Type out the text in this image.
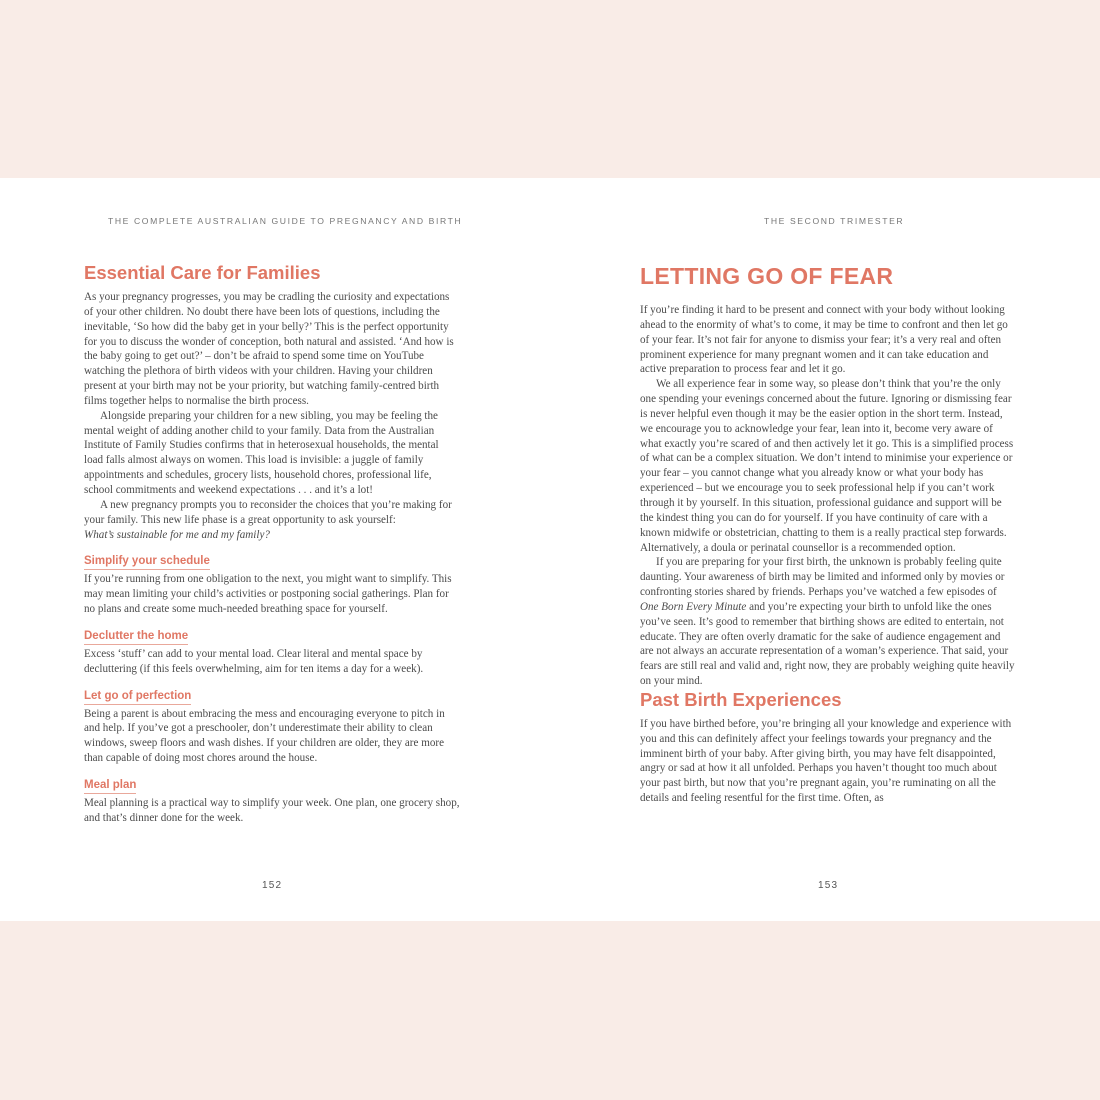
THE COMPLETE AUSTRALIAN GUIDE TO PREGNANCY AND BIRTH
Essential Care for Families

As your pregnancy progresses, you may be cradling the curiosity and expectations of your other children. No doubt there have been lots of questions, including the inevitable, ‘So how did the baby get in your belly?’ This is the perfect opportunity for you to discuss the wonder of conception, both natural and assisted. ‘And how is the baby going to get out?’ – don’t be afraid to spend some time on YouTube watching the plethora of birth videos with your children. Having your children present at your birth may not be your priority, but watching family-centred birth films together helps to normalise the birth process.

Alongside preparing your children for a new sibling, you may be feeling the mental weight of adding another child to your family. Data from the Australian Institute of Family Studies confirms that in heterosexual households, the mental load falls almost always on women. This load is invisible: a juggle of family appointments and schedules, grocery lists, household chores, professional life, school commitments and weekend expectations . . . and it’s a lot!

A new pregnancy prompts you to reconsider the choices that you’re making for your family. This new life phase is a great opportunity to ask yourself:

What’s sustainable for me and my family?

Simplify your schedule

If you’re running from one obligation to the next, you might want to simplify. This may mean limiting your child’s activities or postponing social gatherings. Plan for no plans and create some much-needed breathing space for yourself.

Declutter the home

Excess ‘stuff’ can add to your mental load. Clear literal and mental space by decluttering (if this feels overwhelming, aim for ten items a day for a week).

Let go of perfection

Being a parent is about embracing the mess and encouraging everyone to pitch in and help. If you’ve got a preschooler, don’t underestimate their ability to clean windows, sweep floors and wash dishes. If your children are older, they are more than capable of doing most chores around the house.

Meal plan

Meal planning is a practical way to simplify your week. One plan, one grocery shop, and that’s dinner done for the week.

152
THE SECOND TRIMESTER
LETTING GO OF FEAR

If you’re finding it hard to be present and connect with your body without looking ahead to the enormity of what’s to come, it may be time to confront and then let go of your fear. It’s not fair for anyone to dismiss your fear; it’s a very real and often prominent experience for many pregnant women and it can take education and active preparation to process fear and let it go.

We all experience fear in some way, so please don’t think that you’re the only one spending your evenings concerned about the future. Ignoring or dismissing fear is never helpful even though it may be the easier option in the short term. Instead, we encourage you to acknowledge your fear, lean into it, become very aware of what exactly you’re scared of and then actively let it go. This is a simplified process of what can be a complex situation. We don’t intend to minimise your experience or your fear – you cannot change what you already know or what your body has experienced – but we encourage you to seek professional help if you can’t work through it by yourself. In this situation, professional guidance and support will be the kindest thing you can do for yourself. If you have continuity of care with a known midwife or obstetrician, chatting to them is a really practical step forwards. Alternatively, a doula or perinatal counsellor is a recommended option.

If you are preparing for your first birth, the unknown is probably feeling quite daunting. Your awareness of birth may be limited and informed only by movies or confronting stories shared by friends. Perhaps you’ve watched a few episodes of One Born Every Minute and you’re expecting your birth to unfold like the ones you’ve seen. It’s good to remember that birthing shows are edited to entertain, not educate. They are often overly dramatic for the sake of audience engagement and are not always an accurate representation of a woman’s experience. That said, your fears are still real and valid and, right now, they are probably weighing quite heavily on your mind.

Past Birth Experiences

If you have birthed before, you’re bringing all your knowledge and experience with you and this can definitely affect your feelings towards your pregnancy and the imminent birth of your baby. After giving birth, you may have felt disappointed, angry or sad at how it all unfolded. Perhaps you haven’t thought too much about your past birth, but now that you’re pregnant again, you’re ruminating on all the details and feeling resentful for the first time. Often, as

153
